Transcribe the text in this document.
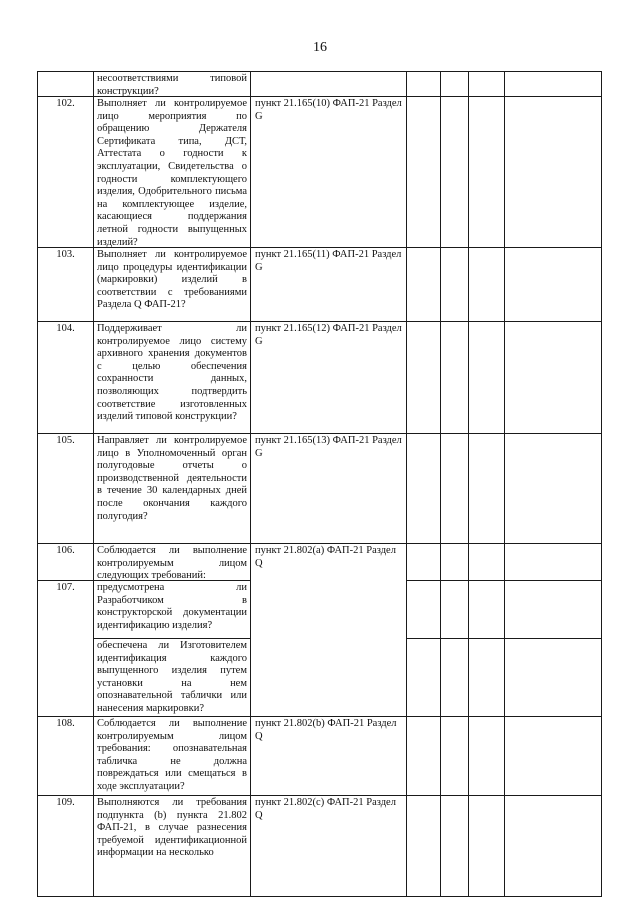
16
несоответствиями типовой конструкции?
102.	Выполняет ли контролируемое лицо мероприятия по обращению Держателя Сертификата типа, ДСТ, Аттестата о годности к эксплуатации, Свидетельства о годности комплектующего изделия, Одобрительного письма на комплектующее изделие, касающиеся поддержания летной годности выпущенных изделий?
пункт 21.165(10) ФАП-21 Раздел G
103.	Выполняет ли контролируемое лицо процедуры идентификации (маркировки) изделий в соответствии с требованиями Раздела Q ФАП-21?
пункт 21.165(11) ФАП-21 Раздел G
104.	Поддерживает ли контролируемое лицо систему архивного хранения документов с целью обеспечения сохранности данных, позволяющих подтвердить соответствие изготовленных изделий типовой конструкции?
пункт 21.165(12) ФАП-21 Раздел G
105.	Направляет ли контролируемое лицо в Уполномоченный орган полугодовые отчеты о производственной деятельности в течение 30 календарных дней после окончания каждого полугодия?
пункт 21.165(13) ФАП-21 Раздел G
106.	Соблюдается ли выполнение контролируемым лицом следующих требований:
пункт 21.802(a) ФАП-21 Раздел Q
107.	предусмотрена ли Разработчиком в конструкторской документации идентификацию изделия?
обеспечена ли Изготовителем идентификация каждого выпущенного изделия путем установки на нем опознавательной таблички или нанесения маркировки?
108.	Соблюдается ли выполнение контролируемым лицом требования: опознавательная табличка не должна повреждаться или смещаться в ходе эксплуатации?
пункт 21.802(b) ФАП-21 Раздел Q
109.	Выполняются ли требования подпункта (b) пункта 21.802 ФАП-21, в случае разнесения требуемой идентификационной информации на несколько
пункт 21.802(c) ФАП-21 Раздел Q
